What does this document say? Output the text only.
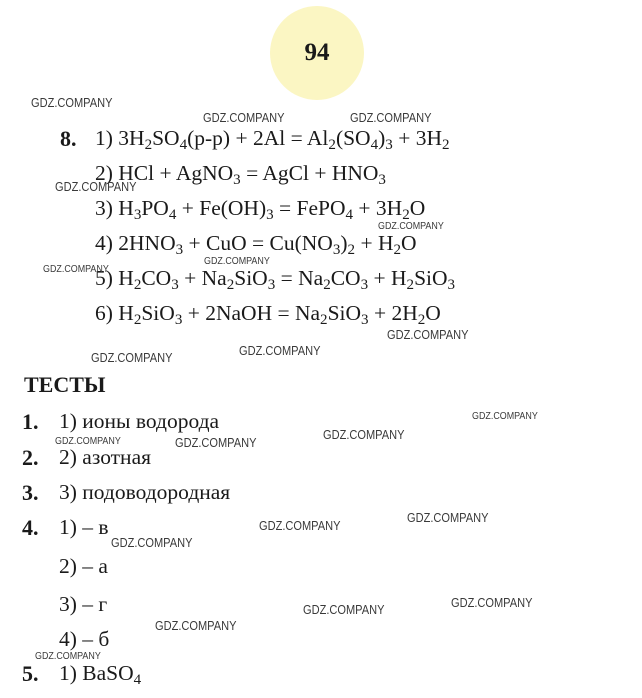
94
8. 1) $3H_2SO_4(р-р) + 2Al = Al_2(SO_4)_3 + 3H_2$
2) HCl + AgNO$_3$ = AgCl + $HNO_3$
3) $H_3PO_4 + Fe(OH)_3$ = FePO$_4$ + $3H_2O$
4) $2HNO_3$ + CuO = $Cu(NO_3)_2 + H_2O$
5) $H_2CO_3 + Na_2SiO_3 = Na_2CO_3 + H_2SiO_3$
6) $H_2SiO_3$ + 2NaOH = $Na_2SiO_3 + 2H_2O$
ТЕСТЫ
1. 1) ионы водорода
2. 2) азотная
3. 3) подоводородная
4. 1) – в
2) – а
3) – г
4) – б
5. 1) BaSO$_4$
GDZ.COMPANY
GDZ.COMPANY	GDZ.COMPANY
GDZ.COMPANY
GDZ.COMPANY
GDZ.COMPANY
GDZ.COMPANY
GDZ.COMPANY
GDZ.COMPANY
GDZ.COMPANY
GDZ.COMPANY
GDZ.COMPANY
GDZ.COMPANY	GDZ.COMPANY
GDZ.COMPANY
GDZ.COMPANY
GDZ.COMPANY
GDZ.COMPANY
GDZ.COMPANY
GDZ.COMPANY
GDZ.COMPANY
